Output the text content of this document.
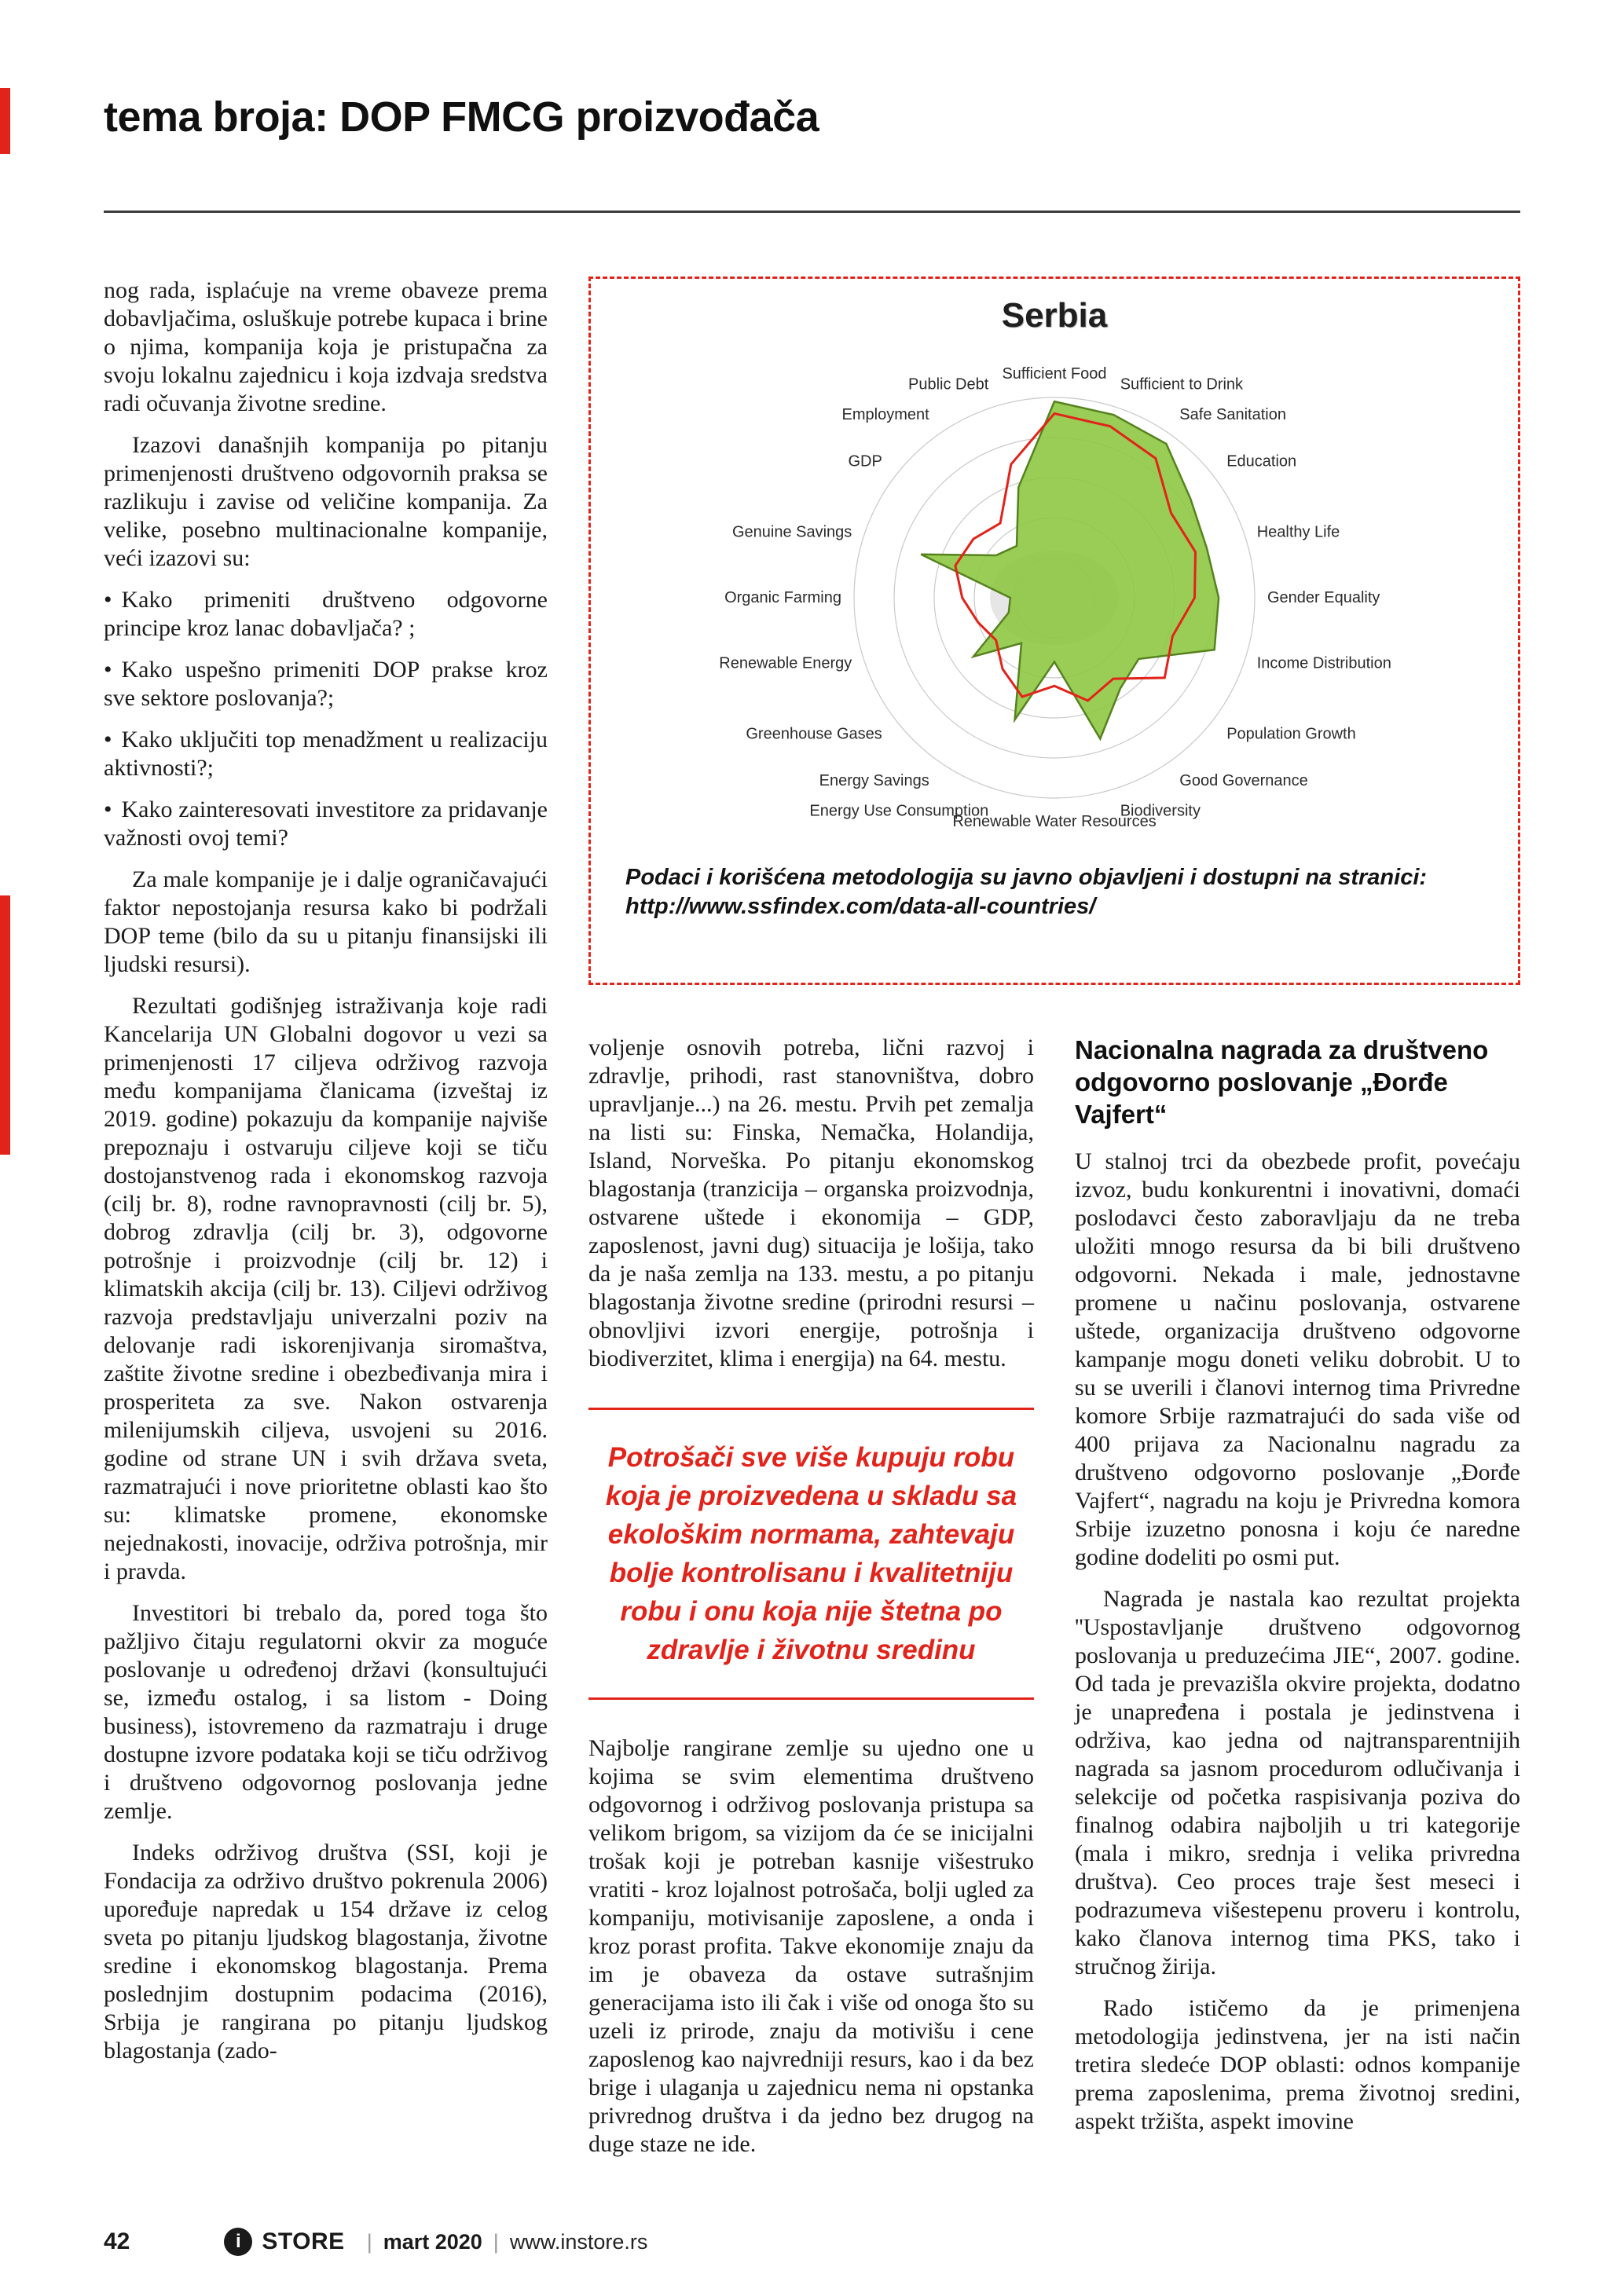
tema broja: DOP FMCG proizvođača

nog rada, isplaćuje na vreme obaveze prema dobavljačima, osluškuje potrebe kupaca i brine o njima, kompanija koja je pristupačna za svoju lokalnu zajednicu i koja izdvaja sredstva radi očuvanja životne sredine.

Izazovi današnjih kompanija po pitanju primenjenosti društveno odgovornih praksa se razlikuju i zavise od veličine kompanija. Za velike, posebno multinacionalne kompanije, veći izazovi su:

• Kako primeniti društveno odgovorne principe kroz lanac dobavljača? ;

• Kako uspešno primeniti DOP prakse kroz sve sektore poslovanja?;

• Kako uključiti top menadžment u realizaciju aktivnosti?;

• Kako zainteresovati investitore za pridavanje važnosti ovoj temi?

Za male kompanije je i dalje ograničavajući faktor nepostojanja resursa kako bi podržali DOP teme (bilo da su u pitanju finansijski ili ljudski resursi).

Rezultati godišnjeg istraživanja koje radi Kancelarija UN Globalni dogovor u vezi sa primenjenosti 17 ciljeva održivog razvoja među kompanijama članicama (izveštaj iz 2019. godine) pokazuju da kompanije najviše prepoznaju i ostvaruju ciljeve koji se tiču dostojanstvenog rada i ekonomskog razvoja (cilj br. 8), rodne ravnopravnosti (cilj br. 5), dobrog zdravlja (cilj br. 3), odgovorne potrošnje i proizvodnje (cilj br. 12) i klimatskih akcija (cilj br. 13). Ciljevi održivog razvoja predstavljaju univerzalni poziv na delovanje radi iskorenjivanja siromaštva, zaštite životne sredine i obezbeđivanja mira i prosperiteta za sve. Nakon ostvarenja milenijumskih ciljeva, usvojeni su 2016. godine od strane UN i svih država sveta, razmatrajući i nove prioritetne oblasti kao što su: klimatske promene, ekonomske nejednakosti, inovacije, održiva potrošnja, mir i pravda.

Investitori bi trebalo da, pored toga što pažljivo čitaju regulatorni okvir za moguće poslovanje u određenoj državi (konsultujući se, između ostalog, i sa listom - Doing business), istovremeno da razmatraju i druge dostupne izvore podataka koji se tiču održivog i društveno odgovornog poslovanja jedne zemlje.

Indeks održivog društva (SSI, koji je Fondacija za održivo društvo pokrenula 2006) upoređuje napredak u 154 države iz celog sveta po pitanju ljudskog blagostanja, životne sredine i ekonomskog blagostanja. Prema poslednjim dostupnim podacima (2016), Srbija je rangirana po pitanju ljudskog blagostanja (zado-

Serbia
Sufficient Food
Sufficient to Drink
Safe Sanitation
Education
Healthy Life
Gender Equality
Income Distribution
Population Growth
Good Governance
Biodiversity
Renewable Water Resources
Energy Use Consumption
Energy Savings
Greenhouse Gases
Renewable Energy
Organic Farming
Genuine Savings
GDP
Employment
Public Debt

Podaci i korišćena metodologija su javno objavljeni i dostupni na stranici:
http://www.ssfindex.com/data-all-countries/

voljenje osnovih potreba, lični razvoj i zdravlje, prihodi, rast stanovništva, dobro upravljanje...) na 26. mestu. Prvih pet zemalja na listi su: Finska, Nemačka, Holandija, Island, Norveška. Po pitanju ekonomskog blagostanja (tranzicija – organska proizvodnja, ostvarene uštede i ekonomija – GDP, zaposlenost, javni dug) situacija je lošija, tako da je naša zemlja na 133. mestu, a po pitanju blagostanja životne sredine (prirodni resursi – obnovljivi izvori energije, potrošnja i biodiverzitet, klima i energija) na 64. mestu.

Potrošači sve više kupuju robu koja je proizvedena u skladu sa ekološkim normama, zahtevaju bolje kontrolisanu i kvalitetniju robu i onu koja nije štetna po zdravlje i životnu sredinu

Najbolje rangirane zemlje su ujedno one u kojima se svim elementima društveno odgovornog i održivog poslovanja pristupa sa velikom brigom, sa vizijom da će se inicijalni trošak koji je potreban kasnije višestruko vratiti - kroz lojalnost potrošača, bolji ugled za kompaniju, motivisanije zaposlene, a onda i kroz porast profita. Takve ekonomije znaju da im je obaveza da ostave sutrašnjim generacijama isto ili čak i više od onoga što su uzeli iz prirode, znaju da motivišu i cene zaposlenog kao najvredniji resurs, kao i da bez brige i ulaganja u zajednicu nema ni opstanka privrednog društva i da jedno bez drugog na duge staze ne ide.

Nacionalna nagrada za društveno odgovorno poslovanje „Đorđe Vajfert“

U stalnoj trci da obezbede profit, povećaju izvoz, budu konkurentni i inovativni, domaći poslodavci često zaboravljaju da ne treba uložiti mnogo resursa da bi bili društveno odgovorni. Nekada i male, jednostavne promene u načinu poslovanja, ostvarene uštede, organizacija društveno odgovorne kampanje mogu doneti veliku dobrobit. U to su se uverili i članovi internog tima Privredne komore Srbije razmatrajući do sada više od 400 prijava za Nacionalnu nagradu za društveno odgovorno poslovanje „Đorđe Vajfert“, nagradu na koju je Privredna komora Srbije izuzetno ponosna i koju će naredne godine dodeliti po osmi put.

Nagrada je nastala kao rezultat projekta ''Uspostavljanje društveno odgovornog poslovanja u preduzećima JIE“, 2007. godine. Od tada je prevazišla okvire projekta, dodatno je unapređena i postala je jedinstvena i održiva, kao jedna od najtransparentnijih nagrada sa jasnom procedurom odlučivanja i selekcije od početka raspisivanja poziva do finalnog odabira najboljih u tri kategorije (mala i mikro, srednja i velika privredna društva). Ceo proces traje šest meseci i podrazumeva višestepenu proveru i kontrolu, kako članova internog tima PKS, tako i stručnog žirija.

Rado ističemo da je primenjena metodologija jedinstvena, jer na isti način tretira sledeće DOP oblasti: odnos kompanije prema zaposlenima, prema životnoj sredini, aspekt tržišta, aspekt imovine

42	i STORE | mart 2020 | www.instore.rs
